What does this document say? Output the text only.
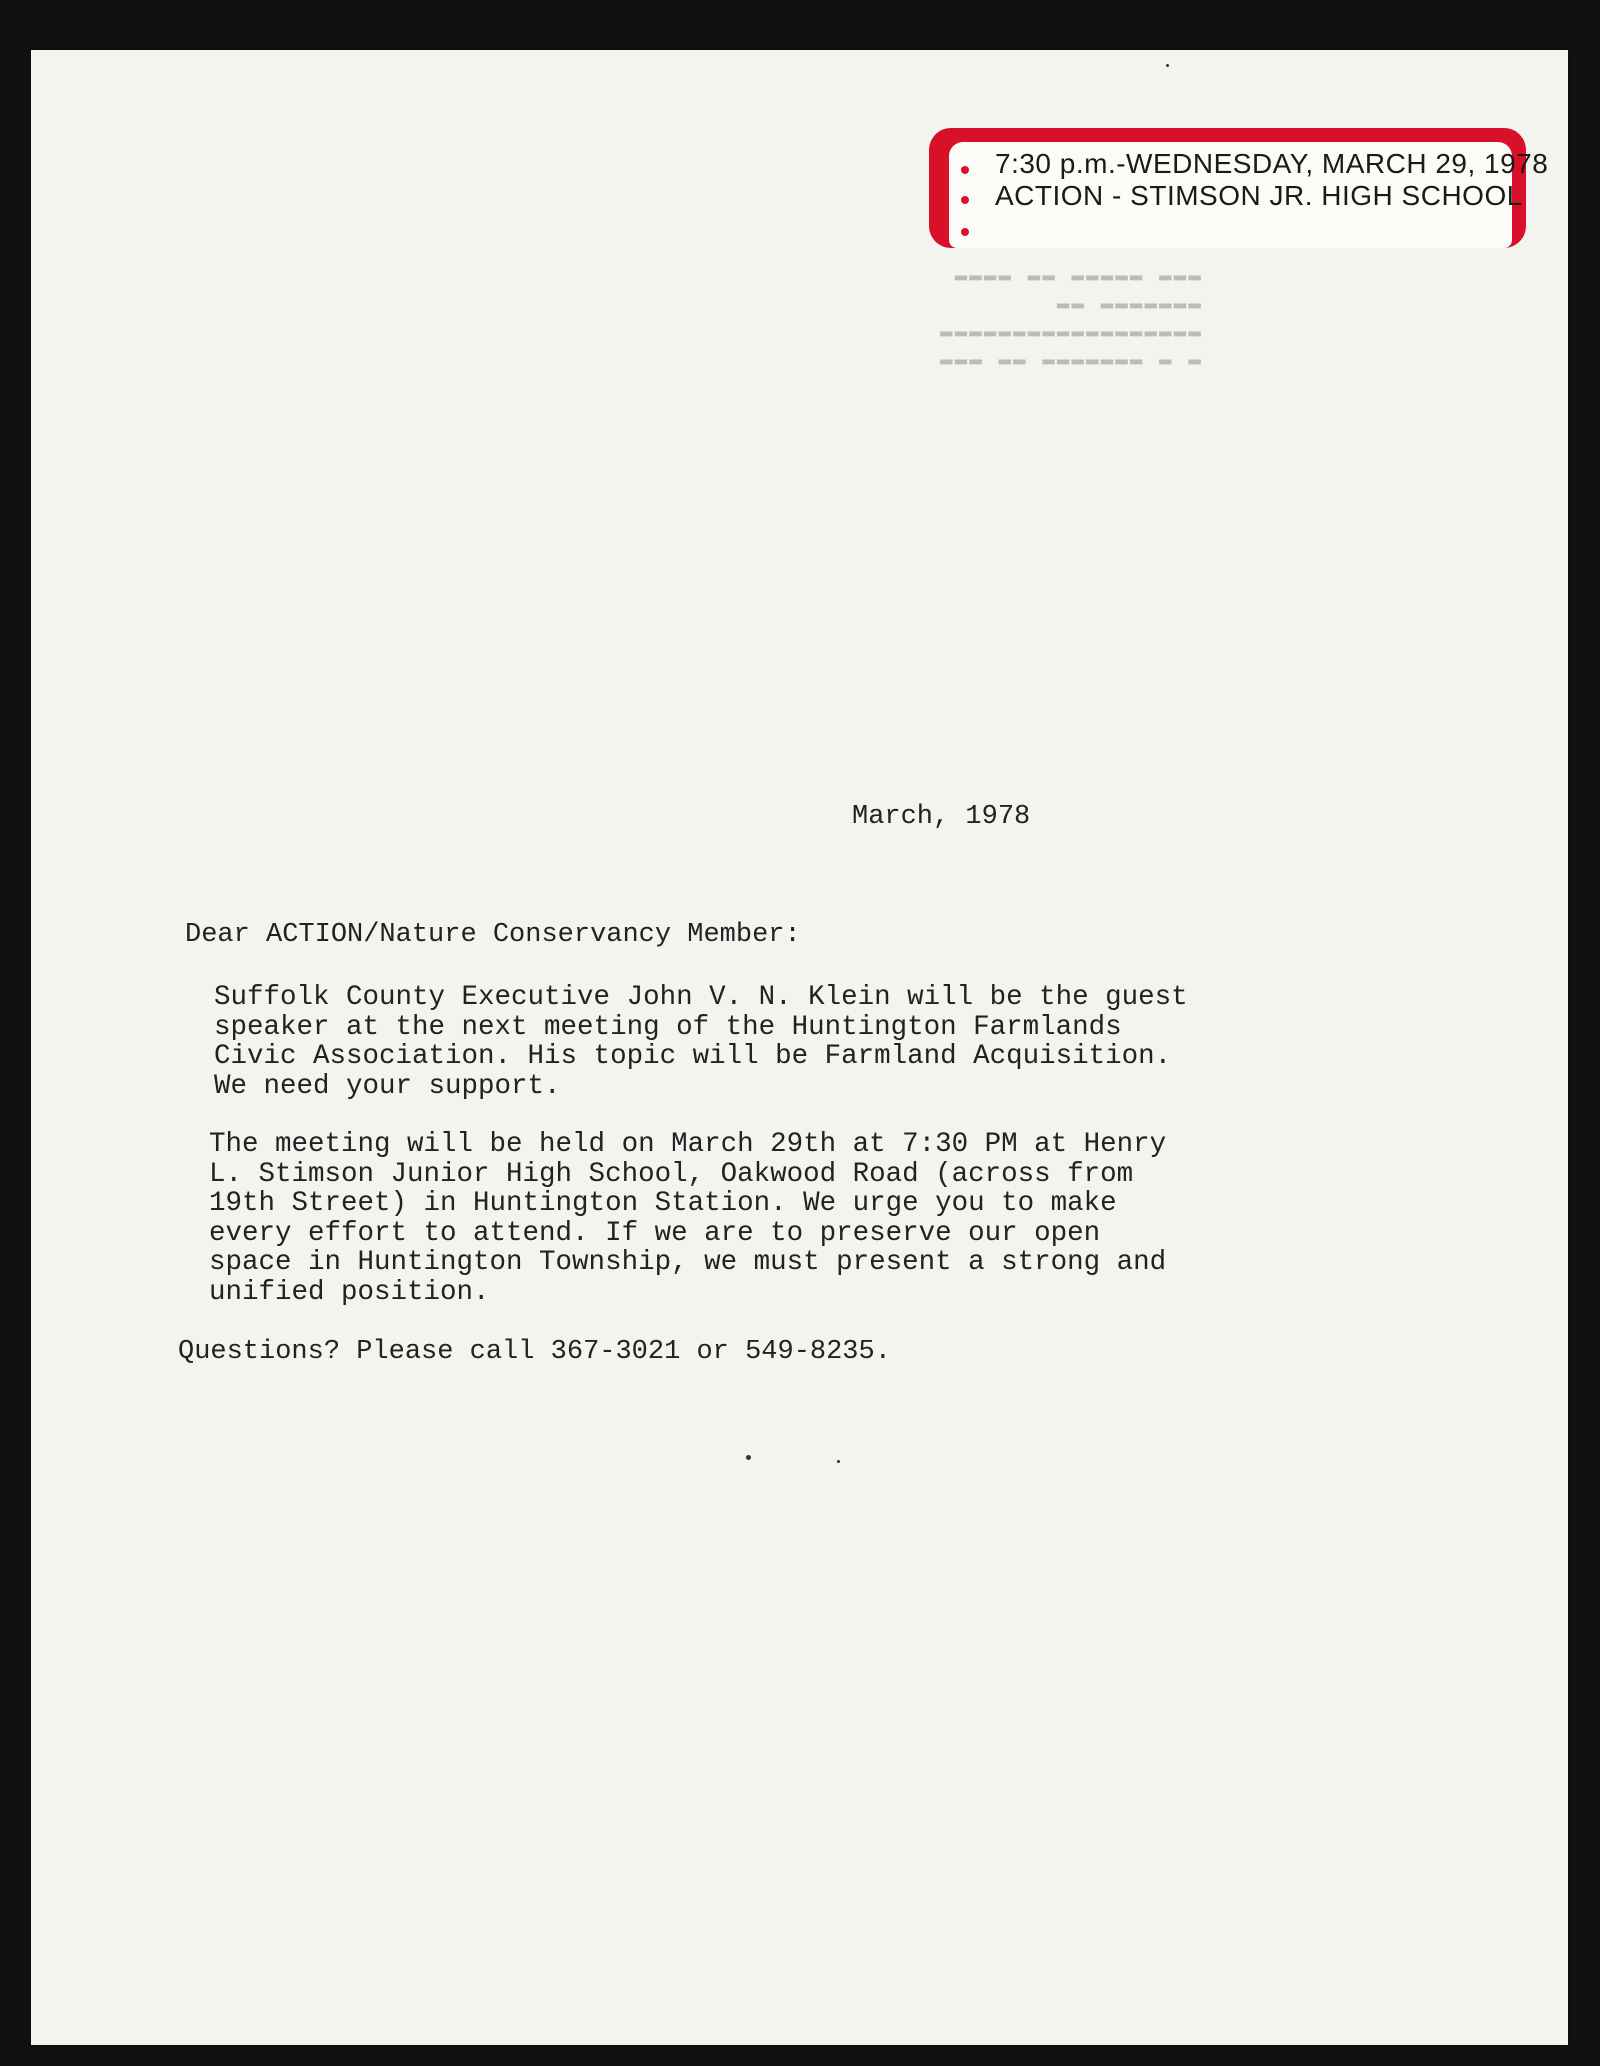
▬▬▬ ▬▬▬▬▬ ▬▬ ▬▬▬▬
▬▬▬▬▬▬▬ ▬▬
▬▬▬▬▬▬▬▬▬▬▬▬▬▬▬▬▬▬
▬ ▬ ▬▬▬▬▬▬▬ ▬▬ ▬▬▬
7:30 p.m.-WEDNESDAY, MARCH 29, 1978
ACTION - STIMSON JR. HIGH SCHOOL
March, 1978
Dear ACTION/Nature Conservancy Member:
Suffolk County Executive John V. N. Klein will be the guest
speaker at the next meeting of the Huntington Farmlands
Civic Association. His topic will be Farmland Acquisition.
We need your support.
The meeting will be held on March 29th at 7:30 PM at Henry
L. Stimson Junior High School, Oakwood Road (across from
19th Street) in Huntington Station. We urge you to make
every effort to attend. If we are to preserve our open
space in Huntington Township, we must present a strong and
unified position.
Questions? Please call 367-3021 or 549-8235.
